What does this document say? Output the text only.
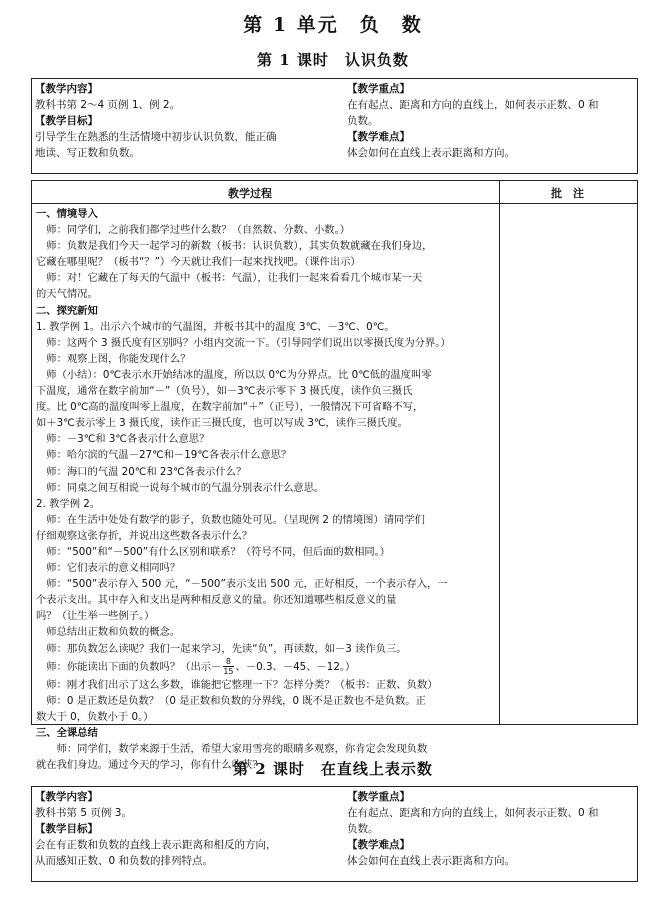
第 1 单元　负　数
第 1 课时　认识负数
【教学内容】
教科书第 2～4 页例 1、例 2。
【教学目标】
引导学生在熟悉的生活情境中初步认识负数，能正确
地读、写正数和负数。
【教学重点】
在有起点、距离和方向的直线上，如何表示正数、0 和
负数。
【教学难点】
体会如何在直线上表示距离和方向。
教学过程	批　注
一、情境导入
　师：同学们，之前我们都学过些什么数？（自然数、分数、小数。）
　师：负数是我们今天一起学习的新数（板书：认识负数），其实负数就藏在我们身边，
它藏在哪里呢？（板书“？”）今天就让我们一起来找找吧。（课件出示）
　师：对！它藏在了每天的气温中（板书：气温），让我们一起来看看几个城市某一天
的天气情况。
二、探究新知
1. 教学例 1。出示六个城市的气温图，并板书其中的温度 3℃、－3℃、0℃。
　师：这两个 3 摄氏度有区别吗？小组内交流一下。（引导同学们说出以零摄氏度为分界。）
　师：观察上图，你能发现什么？
　师（小结）：0℃表示水开始结冰的温度，所以以 0℃为分界点。比 0℃低的温度叫零
下温度，通常在数字前加“－”（负号），如－3℃表示零下 3 摄氏度，读作负三摄氏
度。比 0℃高的温度叫零上温度，在数字前加“＋”（正号），一般情况下可省略不写，
如＋3℃表示零上 3 摄氏度，读作正三摄氏度，也可以写成 3℃，读作三摄氏度。
　师：－3℃和 3℃各表示什么意思？
　师：哈尔滨的气温－27℃和－19℃各表示什么意思？
　师：海口的气温 20℃和 23℃各表示什么？
　师：同桌之间互相说一说每个城市的气温分别表示什么意思。
2. 教学例 2。
　师：在生活中处处有数学的影子，负数也随处可见。（呈现例 2 的情境图）请同学们
仔细观察这张存折，并说出这些数各表示什么？
　师：“500”和“－500”有什么区别和联系？（符号不同，但后面的数相同。）
　师：它们表示的意义相同吗？
　师：“500”表示存入 500 元，“－500”表示支出 500 元，正好相反，一个表示存入，一
个表示支出。其中存入和支出是两种相反意义的量。你还知道哪些相反意义的量
吗？（让生举一些例子。）
　师总结出正数和负数的概念。
　师：那负数怎么读呢？我们一起来学习，先读“负”，再读数，如－3 读作负三。
　师：你能读出下面的负数吗？（出示－ $\frac{8}{15}$ 、－0.3、－45、－12。）
　师：刚才我们出示了这么多数，谁能把它整理一下？怎样分类？（板书：正数、负数）
　师：0 是正数还是负数？（0 是正数和负数的分界线，0 既不是正数也不是负数。正
数大于 0，负数小于 0。）
三、全课总结
　　师：同学们，数学来源于生活，希望大家用雪亮的眼睛多观察，你肯定会发现负数
就在我们身边。通过今天的学习，你有什么收获？
第 2 课时　在直线上表示数
【教学内容】
教科书第 5 页例 3。
【教学目标】
会在有正数和负数的直线上表示距离和相反的方向，
从而感知正数、0 和负数的排列特点。
【教学重点】
在有起点、距离和方向的直线上，如何表示正数、0 和
负数。
【教学难点】
体会如何在直线上表示距离和方向。
